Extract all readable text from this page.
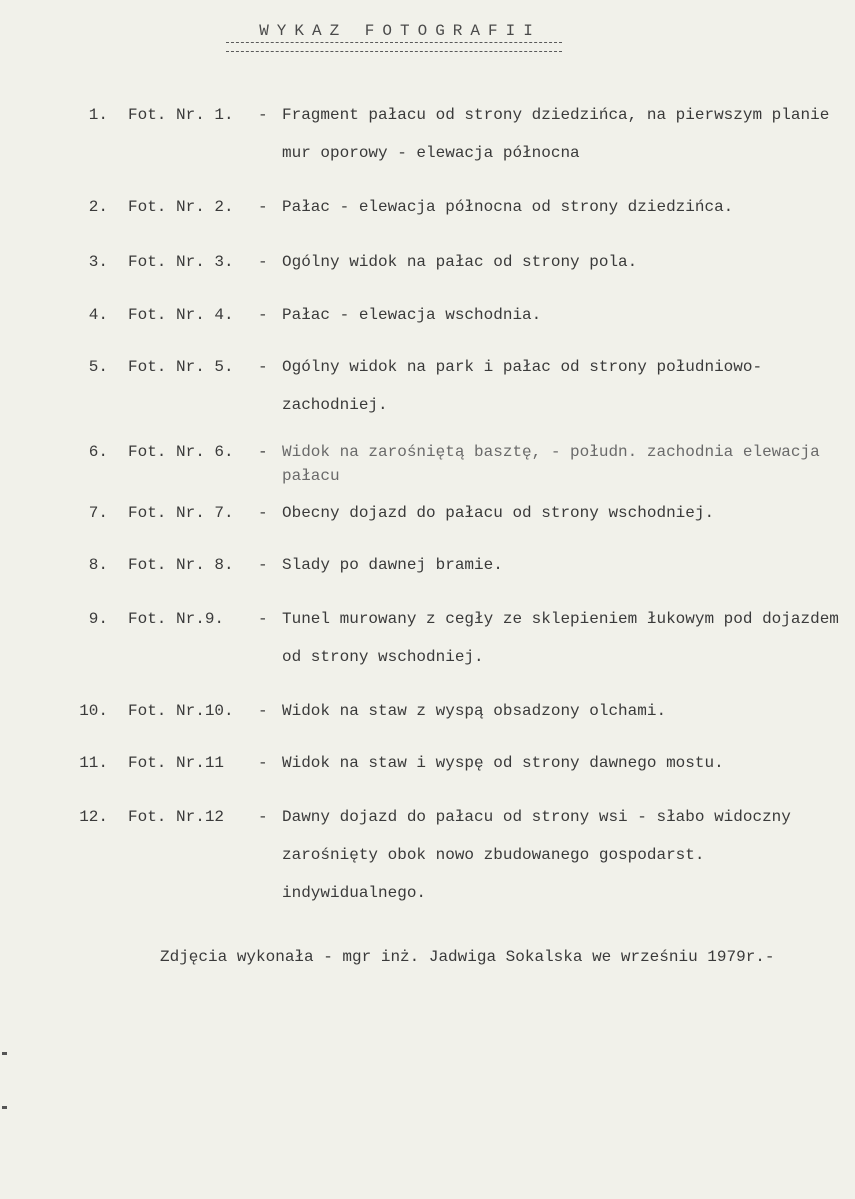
WYKAZ FOTOGRAFII
1. Fot. Nr. 1. - Fragment pałacu od strony dziedzińca, na pierwszym planie mur oporowy - elewacja północna
2. Fot. Nr. 2. - Pałac - elewacja północna od strony dziedzińca.
3. Fot. Nr. 3. - Ogólny widok na pałac od strony pola.
4. Fot. Nr. 4. - Pałac - elewacja wschodnia.
5. Fot. Nr. 5. - Ogólny widok na park i pałac od strony południowo-zachodniej.
6. Fot. Nr. 6. - Widok na zarośniętą basztę, - połudn. zachodnia elewacja pałacu
7. Fot. Nr. 7. - Obecny dojazd do pałacu od strony wschodniej.
8. Fot. Nr. 8. - Slady po dawnej bramie.
9. Fot. Nr.9. - Tunel murowany z cegły ze sklepieniem łukowym pod dojazdem od strony wschodniej.
10. Fot. Nr.10. - Widok na staw z wyspą obsadzony olchami.
11. Fot. Nr.11 - Widok na staw i wyspę od strony dawnego mostu.
12. Fot. Nr.12 - Dawny dojazd do pałacu od strony wsi - słabo widoczny zarośnięty obok nowo zbudowanego gospodarst. indywidualnego.
Zdjęcia wykonała - mgr inż. Jadwiga Sokalska we wrześniu 1979r.-
